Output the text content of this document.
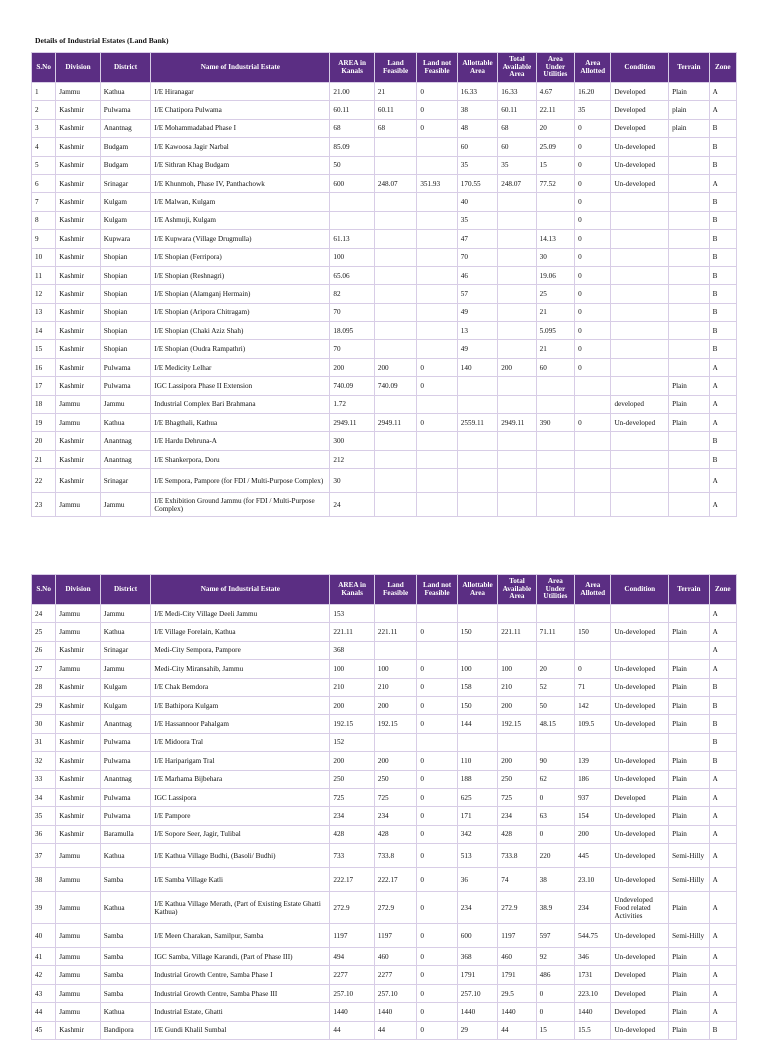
Details of Industrial Estates (Land Bank)
S.No	Division	District	Name of Industrial Estate	AREA in Kanals	Land Feasible	Land not Feasible	Allottable Area	Total Available Area	Area Under Utilities	Area Allotted	Condition	Terrain	Zone
1	Jammu	Kathua	I/E Hiranagar	21.00	21	0	16.33	16.33	4.67	16.20	Developed	Plain	A
2	Kashmir	Pulwama	I/E Chatipora Pulwama	60.11	60.11	0	38	60.11	22.11	35	Developed	plain	A
3	Kashmir	Anantnag	I/E Mohammadabad Phase I	68	68	0	48	68	20	0	Developed	plain	B
4	Kashmir	Budgam	I/E Kawoosa Jagir Narbal	85.09			60	60	25.09	0	Un-developed		B
5	Kashmir	Budgam	I/E Sithran Khag Budgam	50			35	35	15	0	Un-developed		B
6	Kashmir	Srinagar	I/E Khunmoh, Phase IV, Panthachowk	600	248.07	351.93	170.55	248.07	77.52	0	Un-developed		A
7	Kashmir	Kulgam	I/E Malwan, Kulgam				40			0			B
8	Kashmir	Kulgam	I/E Ashmuji, Kulgam				35			0			B
9	Kashmir	Kupwara	I/E Kupwara (Village Drugmulla)	61.13			47		14.13	0			B
10	Kashmir	Shopian	I/E Shopian (Ferripora)	100			70		30	0			B
11	Kashmir	Shopian	I/E Shopian (Reshnagri)	65.06			46		19.06	0			B
12	Kashmir	Shopian	I/E Shopian (Alamganj Hermain)	82			57		25	0			B
13	Kashmir	Shopian	I/E Shopian (Aripora Chitragam)	70			49		21	0			B
14	Kashmir	Shopian	I/E Shopian (Chaki Aziz Shah)	18.095			13		5.095	0			B
15	Kashmir	Shopian	I/E Shopian (Oudra Rampathri)	70			49		21	0			B
16	Kashmir	Pulwama	I/E Medicity Lelhar	200	200	0	140	200	60	0			A
17	Kashmir	Pulwama	IGC Lassipora Phase II Extension	740.09	740.09	0						Plain	A
18	Jammu	Jammu	Industrial Complex Bari Brahmana	1.72							developed	Plain	A
19	Jammu	Kathua	I/E Bhagthali, Kathua	2949.11	2949.11	0	2559.11	2949.11	390	0	Un-developed	Plain	A
20	Kashmir	Anantnag	I/E Hardu Dehruna-A	300									B
21	Kashmir	Anantnag	I/E Shankerpora, Doru	212									B
22	Kashmir	Srinagar	I/E Sempora, Pampore (for FDI / Multi-Purpose Complex)	30									A
23	Jammu	Jammu	I/E Exhibition Ground Jammu (for FDI / Multi-Purpose Complex)	24									A
S.No	Division	District	Name of Industrial Estate	AREA in Kanals	Land Feasible	Land not Feasible	Allottable Area	Total Available Area	Area Under Utilities	Area Allotted	Condition	Terrain	Zone
24	Jammu	Jammu	I/E Medi-City Village Deeli Jammu	153									A
25	Jammu	Kathua	I/E Village Forelain, Kathua	221.11	221.11	0	150	221.11	71.11	150	Un-developed	Plain	A
26	Kashmir	Srinagar	Medi-City Sempora, Pampore	368									A
27	Jammu	Jammu	Medi-City Miransahib, Jammu	100	100	0	100	100	20	0	Un-developed	Plain	A
28	Kashmir	Kulgam	I/E Chak Bemdora	210	210	0	158	210	52	71	Un-developed	Plain	B
29	Kashmir	Kulgam	I/E Bathipora Kulgam	200	200	0	150	200	50	142	Un-developed	Plain	B
30	Kashmir	Anantnag	I/E Hassannoor Pahalgam	192.15	192.15	0	144	192.15	48.15	109.5	Un-developed	Plain	B
31	Kashmir	Pulwama	I/E Midoora Tral	152									B
32	Kashmir	Pulwama	I/E Hariparigam Tral	200	200	0	110	200	90	139	Un-developed	Plain	B
33	Kashmir	Anantnag	I/E Marhama Bijbehara	250	250	0	188	250	62	186	Un-developed	Plain	A
34	Kashmir	Pulwama	IGC Lassipora	725	725	0	625	725	0	937	Developed	Plain	A
35	Kashmir	Pulwama	I/E Pampore	234	234	0	171	234	63	154	Un-developed	Plain	A
36	Kashmir	Baramulla	I/E Sopore Seer, Jagir, Tulibal	428	428	0	342	428	0	200	Un-developed	Plain	A
37	Jammu	Kathua	I/E Kathua Village Budhi, (Basoli/ Budhi)	733	733.8	0	513	733.8	220	445	Un-developed	Semi-Hilly	A
38	Jammu	Samba	I/E Samba Village Katli	222.17	222.17	0	36	74	38	23.10	Un-developed	Semi-Hilly	A
39	Jammu	Kathua	I/E Kathua Village Merath, (Part of Existing Estate Ghatti Kathua)	272.9	272.9	0	234	272.9	38.9	234	Undeveloped Food related Activities	Plain	A
40	Jammu	Samba	I/E Meen Charakan, Samilpur, Samba	1197	1197	0	600	1197	597	544.75	Un-developed	Semi-Hilly	A
41	Jammu	Samba	IGC Samba, Village Karandi, (Part of Phase III)	494	460	0	368	460	92	346	Un-developed	Plain	A
42	Jammu	Samba	Industrial Growth Centre, Samba Phase I	2277	2277	0	1791	1791	486	1731	Developed	Plain	A
43	Jammu	Samba	Industrial Growth Centre, Samba Phase III	257.10	257.10	0	257.10	29.5	0	223.10	Developed	Plain	A
44	Jammu	Kathua	Industrial Estate, Ghatti	1440	1440	0	1440	1440	0	1440	Developed	Plain	A
45	Kashmir	Bandipora	I/E Gundi Khalil Sumbal	44	44	0	29	44	15	15.5	Un-developed	Plain	B
